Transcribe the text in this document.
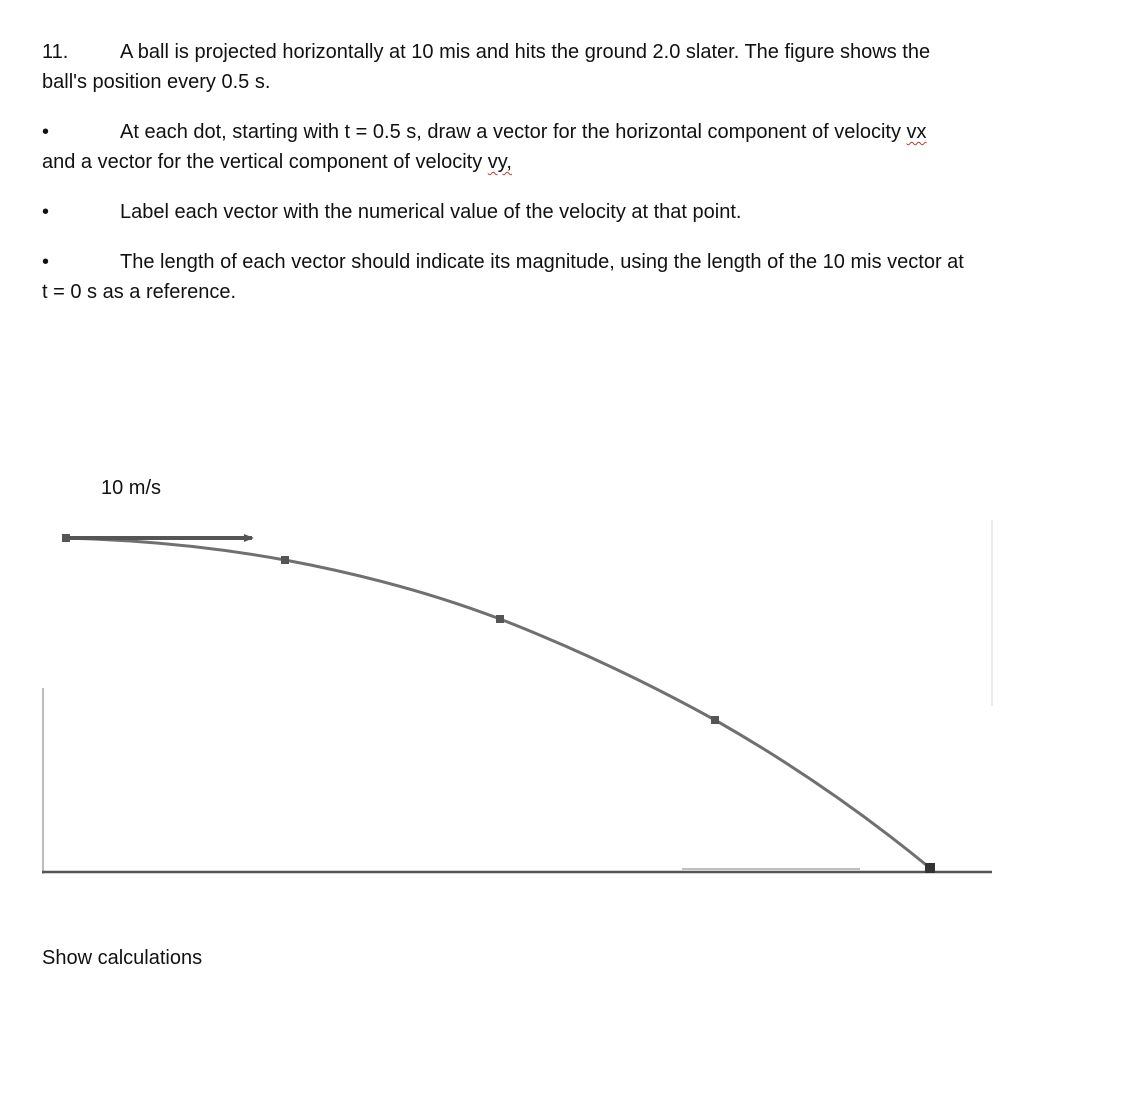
11.	A ball is projected horizontally at 10 mis and hits the ground 2.0 slater. The figure shows the
ball's position every 0.5 s.
•	At each dot, starting with t = 0.5 s, draw a vector for the horizontal component of velocity vx
and a vector for the vertical component of velocity vy,
•	Label each vector with the numerical value of the velocity at that point.
•	The length of each vector should indicate its magnitude, using the length of the 10 mis vector at
t = 0 s as a reference.
10 m/s
Show calculations
